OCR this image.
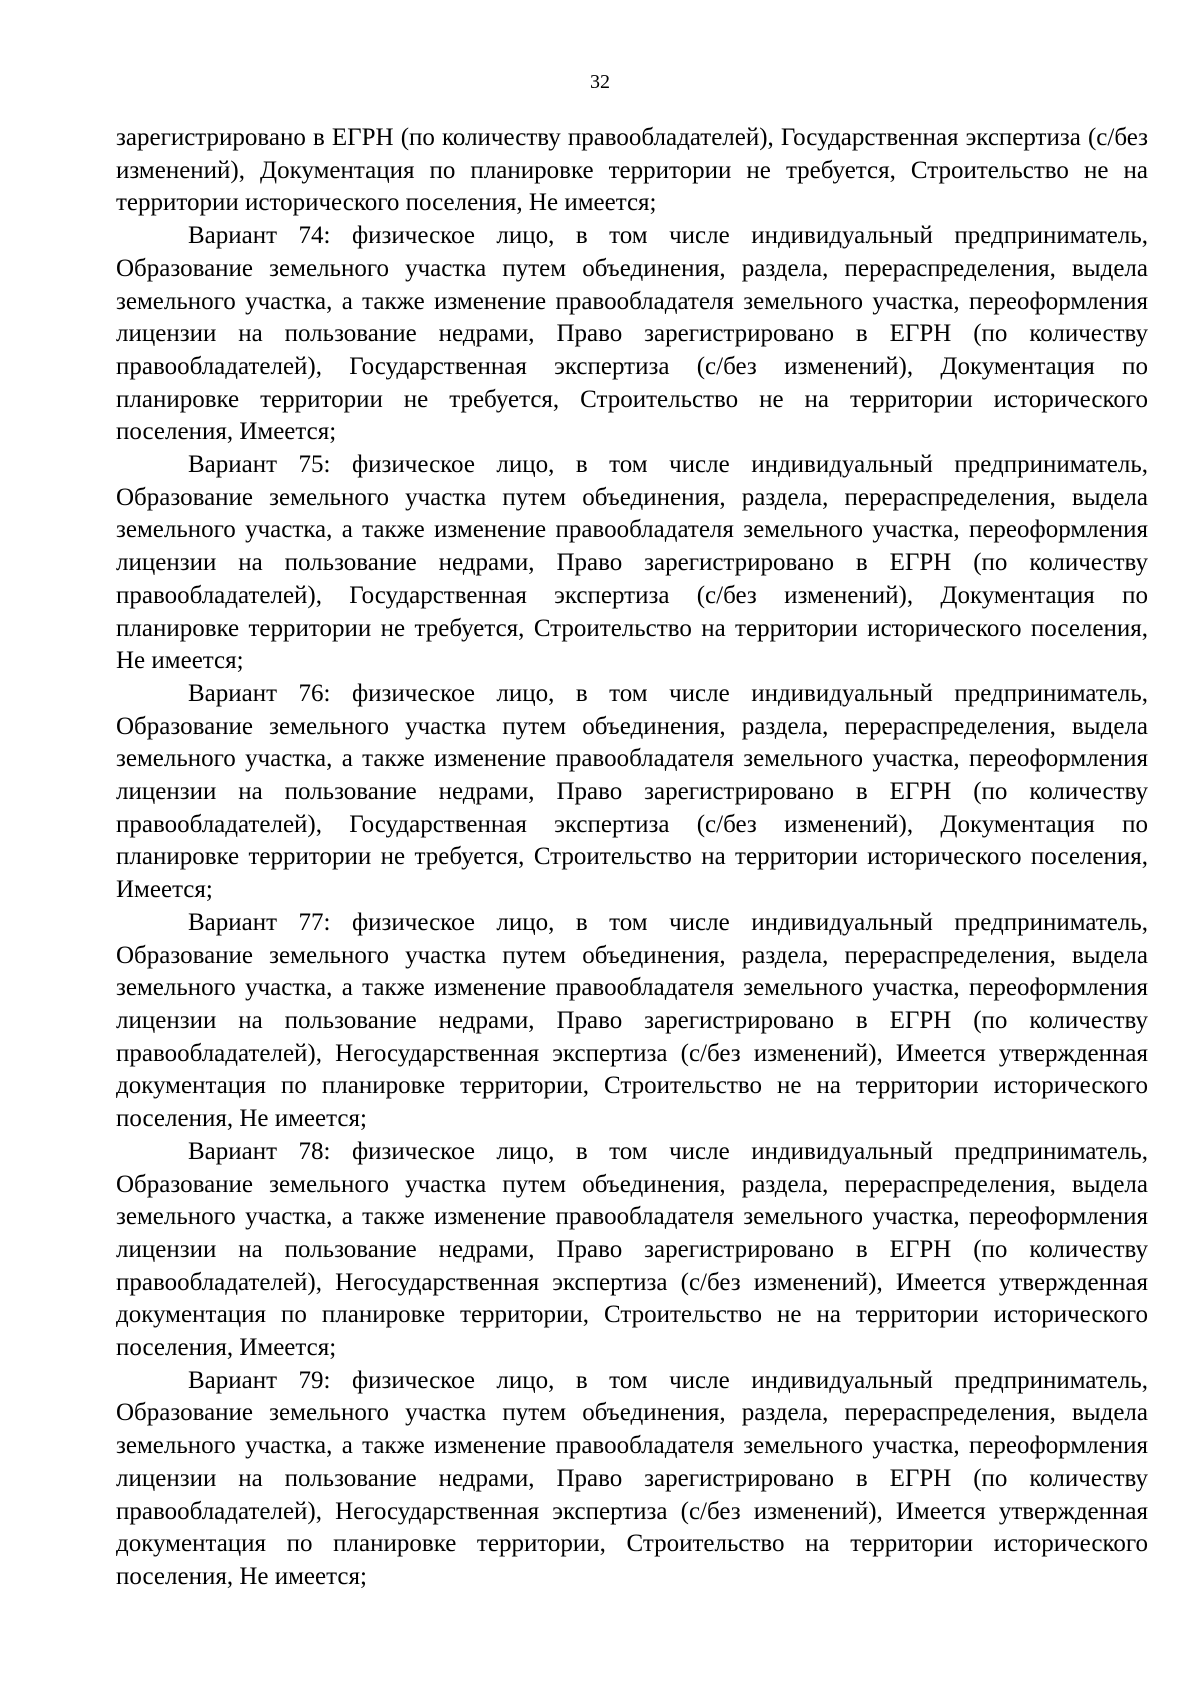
32

зарегистрировано в ЕГРН (по количеству правообладателей), Государственная экспертиза (с/без изменений), Документация по планировке территории не требуется, Строительство не на территории исторического поселения, Не имеется;

Вариант 74: физическое лицо, в том числе индивидуальный предприниматель, Образование земельного участка путем объединения, раздела, перераспределения, выдела земельного участка, а также изменение правообладателя земельного участка, переоформления лицензии на пользование недрами, Право зарегистрировано в ЕГРН (по количеству правообладателей), Государственная экспертиза (с/без изменений), Документация по планировке территории не требуется, Строительство не на территории исторического поселения, Имеется;

Вариант 75: физическое лицо, в том числе индивидуальный предприниматель, Образование земельного участка путем объединения, раздела, перераспределения, выдела земельного участка, а также изменение правообладателя земельного участка, переоформления лицензии на пользование недрами, Право зарегистрировано в ЕГРН (по количеству правообладателей), Государственная экспертиза (с/без изменений), Документация по планировке территории не требуется, Строительство на территории исторического поселения, Не имеется;

Вариант 76: физическое лицо, в том числе индивидуальный предприниматель, Образование земельного участка путем объединения, раздела, перераспределения, выдела земельного участка, а также изменение правообладателя земельного участка, переоформления лицензии на пользование недрами, Право зарегистрировано в ЕГРН (по количеству правообладателей), Государственная экспертиза (с/без изменений), Документация по планировке территории не требуется, Строительство на территории исторического поселения, Имеется;

Вариант 77: физическое лицо, в том числе индивидуальный предприниматель, Образование земельного участка путем объединения, раздела, перераспределения, выдела земельного участка, а также изменение правообладателя земельного участка, переоформления лицензии на пользование недрами, Право зарегистрировано в ЕГРН (по количеству правообладателей), Негосударственная экспертиза (с/без изменений), Имеется утвержденная документация по планировке территории, Строительство не на территории исторического поселения, Не имеется;

Вариант 78: физическое лицо, в том числе индивидуальный предприниматель, Образование земельного участка путем объединения, раздела, перераспределения, выдела земельного участка, а также изменение правообладателя земельного участка, переоформления лицензии на пользование недрами, Право зарегистрировано в ЕГРН (по количеству правообладателей), Негосударственная экспертиза (с/без изменений), Имеется утвержденная документация по планировке территории, Строительство не на территории исторического поселения, Имеется;

Вариант 79: физическое лицо, в том числе индивидуальный предприниматель, Образование земельного участка путем объединения, раздела, перераспределения, выдела земельного участка, а также изменение правообладателя земельного участка, переоформления лицензии на пользование недрами, Право зарегистрировано в ЕГРН (по количеству правообладателей), Негосударственная экспертиза (с/без изменений), Имеется утвержденная документация по планировке территории, Строительство на территории исторического поселения, Не имеется;
